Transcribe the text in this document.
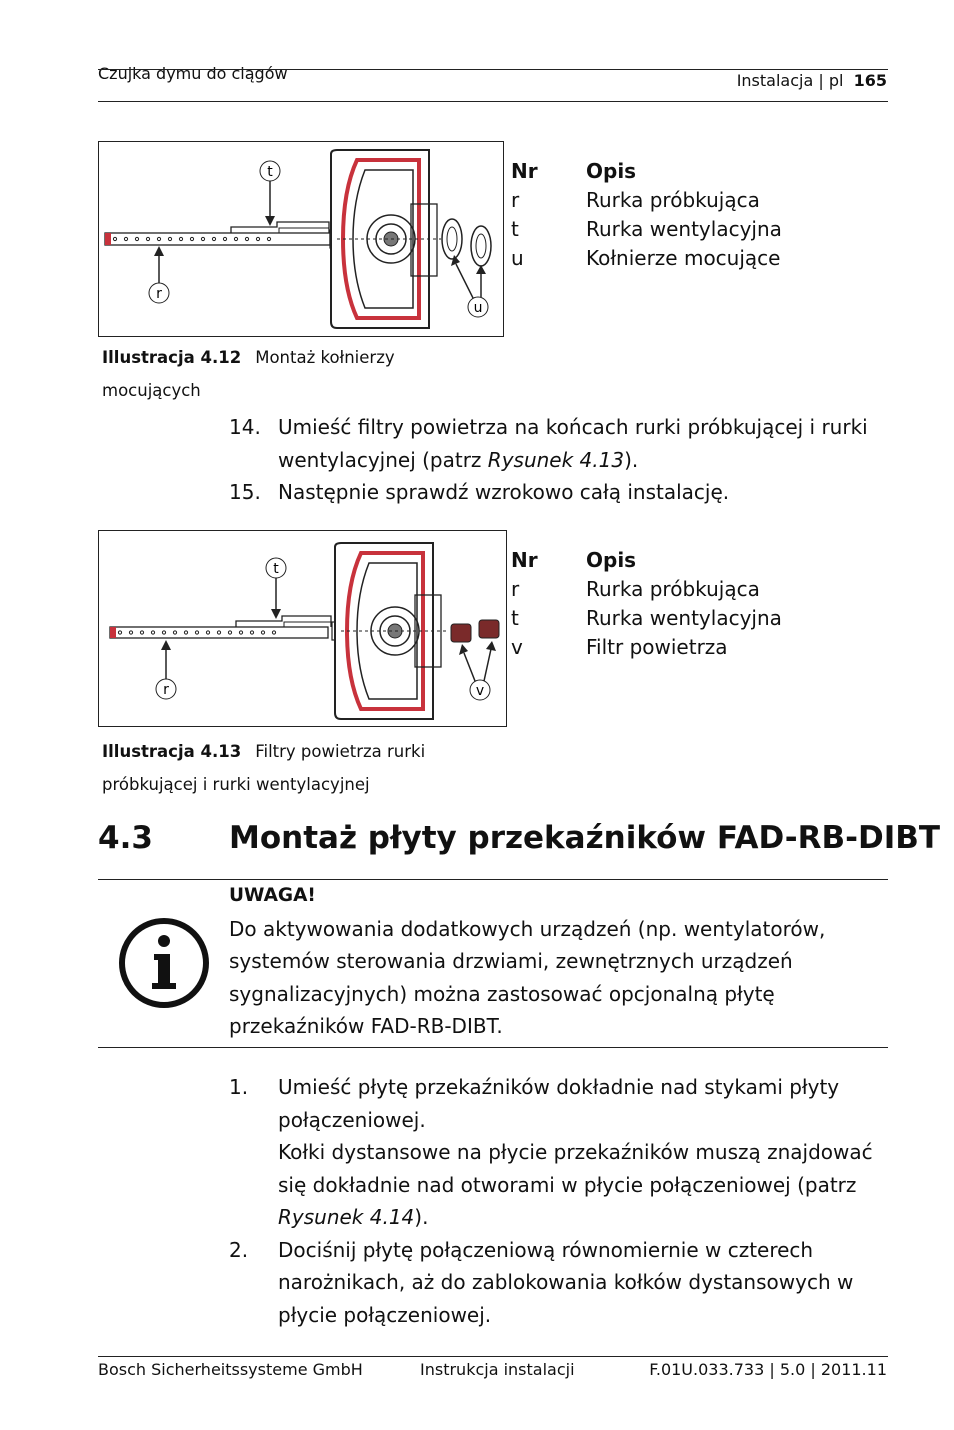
Czujka dymu do ciągów	Instalacja | pl 165
t
r
u
Nr	Opis
r	Rurka próbkująca
t	Rurka wentylacyjna
u	Kołnierze mocujące
Illustracja 4.12 Montaż kołnierzy mocujących
14. Umieść filtry powietrza na końcach rurki próbkującej i rurki wentylacyjnej (patrz Rysunek 4.13).
15. Następnie sprawdź wzrokowo całą instalację.
t
r	v
Nr	Opis
r	Rurka próbkująca
t	Rurka wentylacyjna
v	Filtr powietrza
Illustracja 4.13 Filtry powietrza rurki próbkującej i rurki wentylacyjnej
4.3 Montaż płyty przekaźników FAD-RB-DIBT
UWAGA!
Do aktywowania dodatkowych urządzeń (np. wentylatorów, systemów sterowania drzwiami, zewnętrznych urządzeń sygnalizacyjnych) można zastosować opcjonalną płytę przekaźników FAD-RB-DIBT.
1.	Umieść płytę przekaźników dokładnie nad stykami płyty połączeniowej.
Kołki dystansowe na płycie przekaźników muszą znajdować się dokładnie nad otworami w płycie połączeniowej (patrz Rysunek 4.14).
2.	Dociśnij płytę połączeniową równomiernie w czterech narożnikach, aż do zablokowania kołków dystansowych w płycie połączeniowej.
Bosch Sicherheitssysteme GmbH	Instrukcja instalacji	F.01U.033.733 | 5.0 | 2011.11
